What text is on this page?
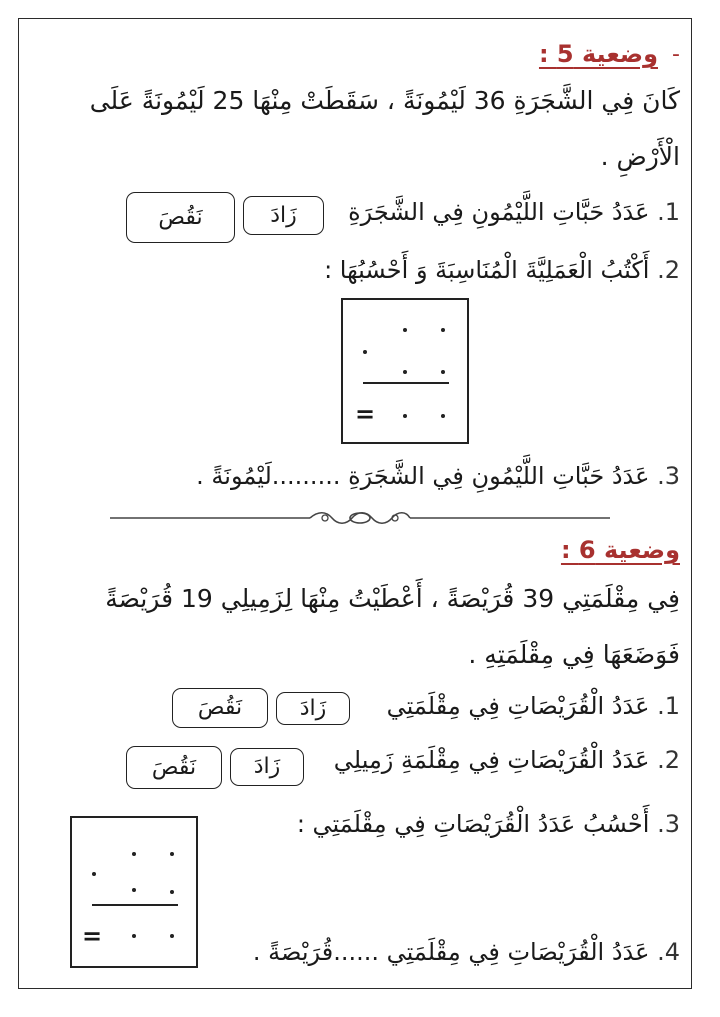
-
وضعية 5 :
كَانَ فِي الشَّجَرَةِ 36 لَيْمُونَةً ، سَقَطَتْ مِنْهَا 25 لَيْمُونَةً عَلَى
الْأَرْضِ .
1. عَدَدُ حَبَّاتِ اللَّيْمُونِ فِي الشَّجَرَةِ
زَادَ
نَقُصَ
2. أَكْتُبُ الْعَمَلِيَّةَ الْمُنَاسِبَةَ وَ أَحْسُبُهَا :
=
3. عَدَدُ حَبَّاتِ اللَّيْمُونِ فِي الشَّجَرَةِ .........لَيْمُونَةً .
وضعية 6 :
فِي مِقْلَمَتِي 39 قُرَيْصَةً ، أَعْطَيْتُ مِنْهَا لِزَمِيلِي 19 قُرَيْصَةً
فَوَضَعَهَا فِي مِقْلَمَتِهِ .
1. عَدَدُ الْقُرَيْصَاتِ فِي مِقْلَمَتِي
زَادَ
نَقُصَ
2. عَدَدُ الْقُرَيْصَاتِ فِي مِقْلَمَةِ زَمِيلِي
زَادَ
نَقُصَ
3. أَحْسُبُ عَدَدُ الْقُرَيْصَاتِ فِي مِقْلَمَتِي :
=
4. عَدَدُ الْقُرَيْصَاتِ فِي مِقْلَمَتِي ......قُرَيْصَةً .
